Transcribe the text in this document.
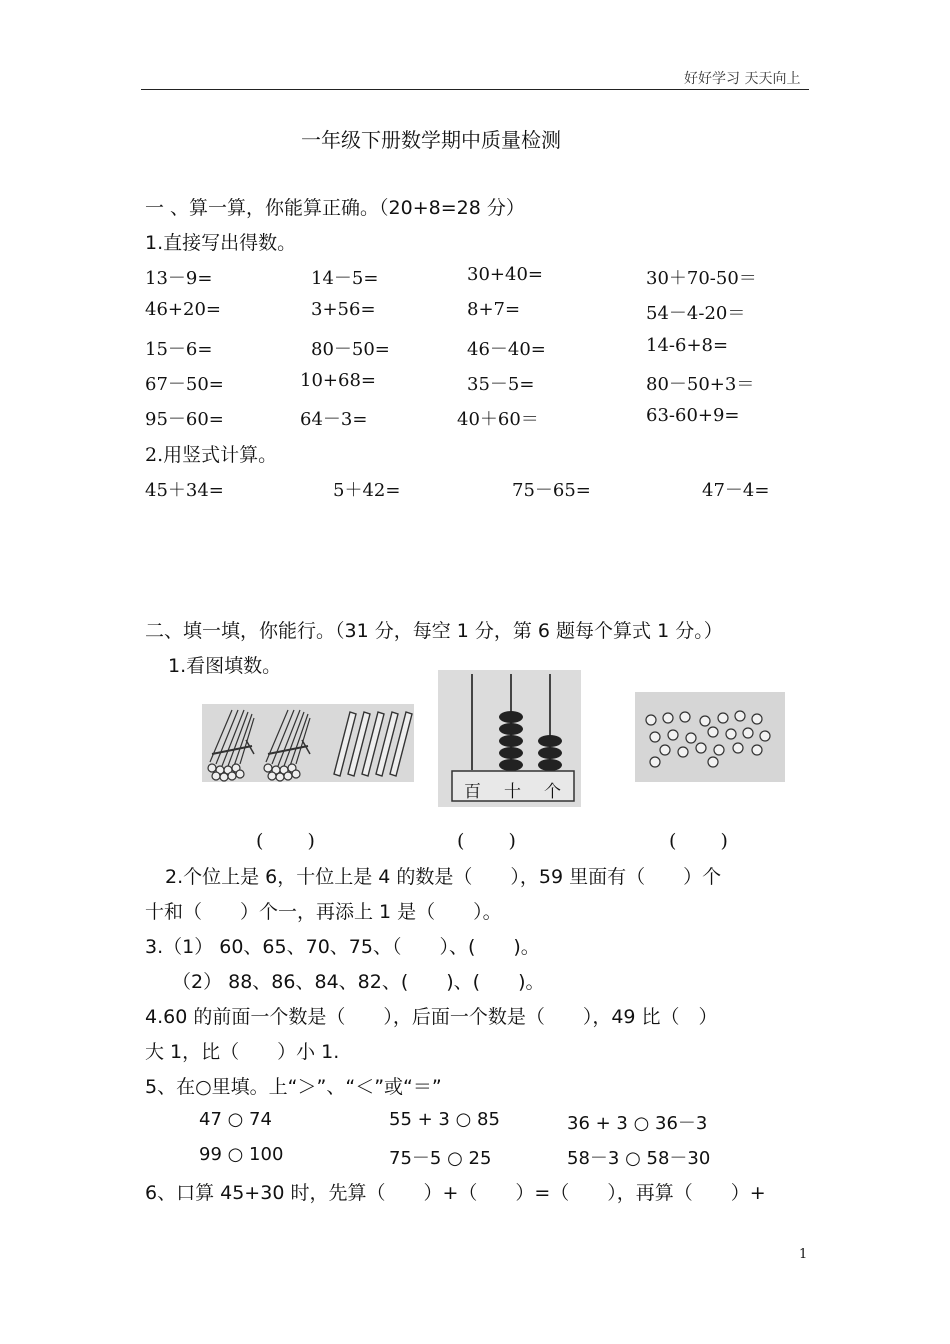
好好学习 天天向上
一年级下册数学期中质量检测
一 、算一算，你能算正确。（20+8=28 分）
1.直接写出得数。
13－9=	14－5=	30+40=	30＋70-50＝
46+20=	3+56=	8+7=	54－4-20＝
15－6=	80－50=	46－40=	14-6+8=
67－50=	10+68=	35－5=	80－50+3＝
95－60=	64－3=	40＋60＝	63-60+9=
2.用竖式计算。
45＋34=	5＋42=	75－65=	47－4=
二、填一填，你能行。（31 分，每空 1 分，第 6 题每个算式 1 分。）
1.看图填数。
百 十 个
(　　 )	(　　 )	(　　 )
2.个位上是 6，十位上是 4 的数是（　　），59 里面有（　　）个
十和（　　）个一，再添上 1 是（　　）。
3.（1） 60、65、70、75、（　　）、(　　)。
（2） 88、86、84、82、(　　)、(　　)。
4.60 的前面一个数是（　　），后面一个数是（　　），49 比（　）
大 1，比（　　）小 1.
5、在○里填。上“＞”、“＜”或“＝”
47 ○ 74	55 + 3 ○ 85	36 + 3 ○ 36－3
99 ○ 100	75－5 ○ 25	58－3 ○ 58－30
6、口算 45+30 时，先算（　　）+（　　）=（　　），再算（　　）+
1
